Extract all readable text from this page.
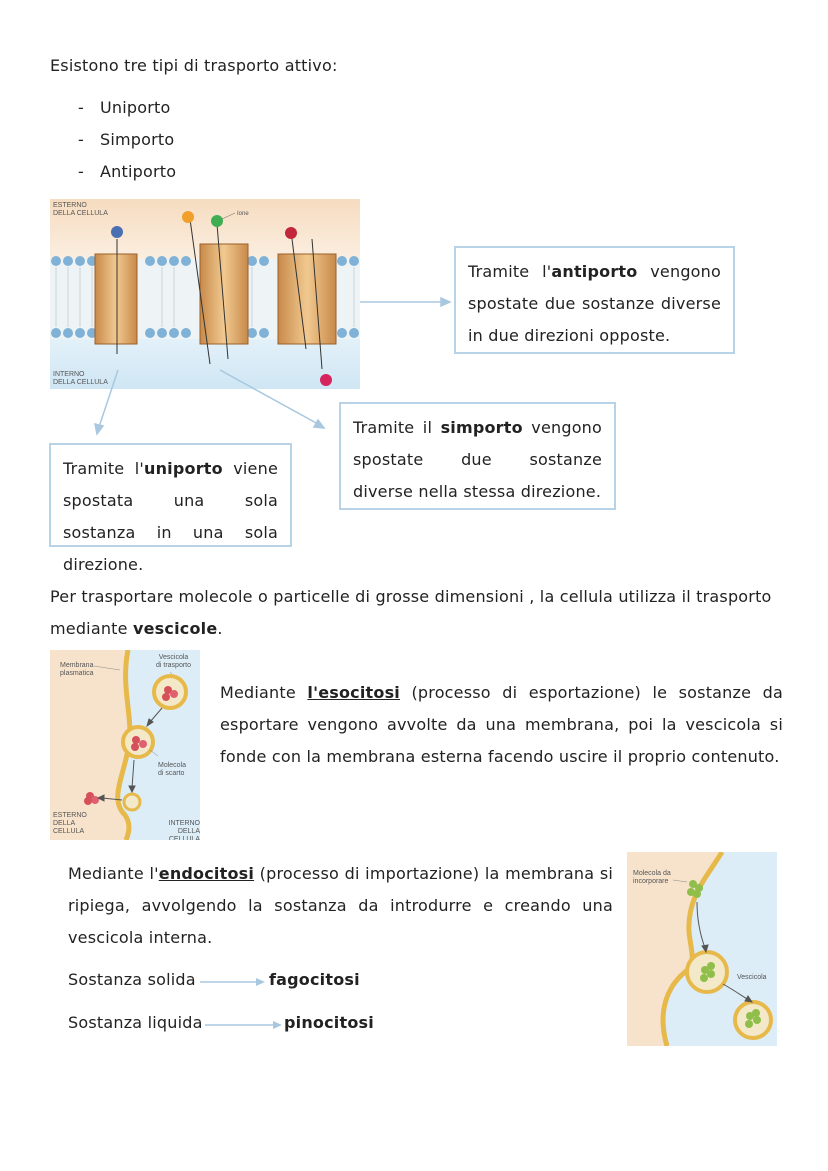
Esistono tre tipi di trasporto attivo:
- Uniporto
- Simporto
- Antiporto
Ione
ESTERNO
DELLA CELLULA
INTERNO
DELLA CELLULA
Tramite l'antiporto vengono spostate due sostanze diverse in due direzioni opposte.
Tramite il simporto vengono spostate due sostanze diverse nella stessa direzione.
Tramite l'uniporto viene spostata una sola sostanza in una sola direzione.
Per trasportare molecole o particelle di grosse dimensioni , la cellula utilizza il trasporto mediante vescicole.
Membrana
plasmatica
Vescicola
di trasporto
Molecola
di scarto
ESTERNO
DELLA
CELLULA
INTERNO
DELLA CELLULA
Mediante l'esocitosi (processo di esportazione) le sostanze da esportare vengono avvolte da una membrana, poi la vescicola si fonde con la membrana esterna facendo uscire il proprio contenuto.
Mediante l'endocitosi (processo di importazione) la membrana si ripiega, avvolgendo la sostanza da introdurre e creando una vescicola interna.
Molecola da
incorporare
Vescicola
Sostanza solida	fagocitosi
Sostanza liquida	pinocitosi
